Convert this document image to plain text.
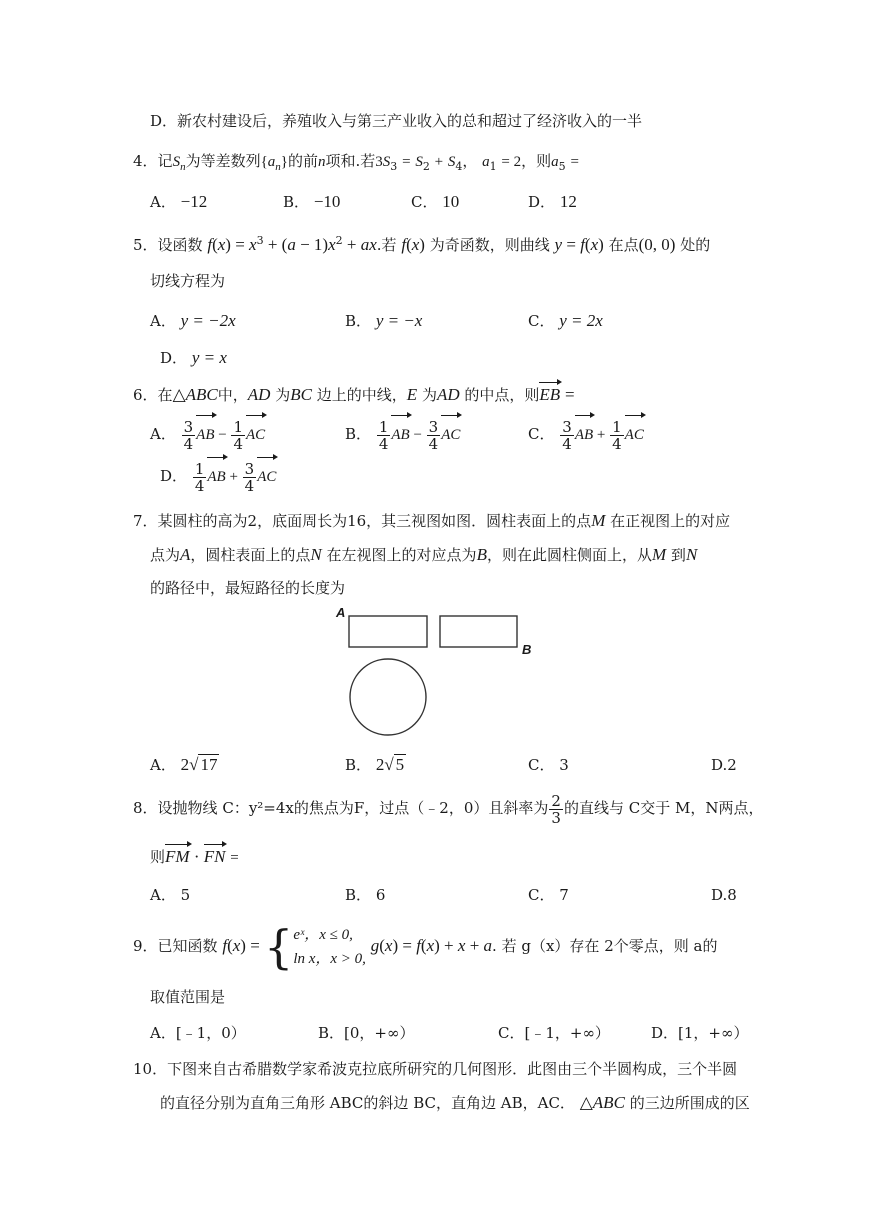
D．新农村建设后，养殖收入与第三产业收入的总和超过了经济收入的一半
4．记$S_n$为等差数列$\{a_n\}$的前n项和.若$3S_3 = S_2 + S_4$， $a_1 = 2$，则$a_5$ =
A． −12	B． −10	C． 10	D． 12
5．设函数 $f(x) = x^3 + (a - 1)x^2$ + ax.若 f(x) 为奇函数，则曲线 y = f(x) 在点(0, 0) 处的
切线方程为
A． y = −2x	B． y = −x	C． y = 2x
D． y = x
6．在△ABC中，AD 为BC 边上的中线，E 为AD 的中点，则EB =
A． $\frac{3}{4}$ AB − $\frac{1}{4}$ AC	B． $\frac{1}{4}$ AB − $\frac{3}{4}$ AC	C． $\frac{3}{4}$ AB + $\frac{1}{4}$ AC
D． $\frac{1}{4}$ AB + $\frac{3}{4}$ AC
7．某圆柱的高为2，底面周长为16，其三视图如图．圆柱表面上的点M 在正视图上的对应
点为A，圆柱表面上的点N 在左视图上的对应点为B，则在此圆柱侧面上，从M 到N
的路径中，最短路径的长度为
A
B
A． 2√ 17	B． 2√ 5	C． 3	D.2
8．设抛物线 C：y²=4x的焦点为F，过点（﹣2，0）且斜率为 $\frac{2}{3}$ 的直线与 C交于 M，N两点，
则FM · FN =
A． 5	B． 6	C． 7	D.8
9．已知函数 f(x) = { eˣ，x ≤ 0,
ln x，x > 0,
g(x) = f(x) + x + a. 若 g（x）存在 2个零点，则 a的
取值范围是
A．[﹣1，0）	B．[0，+∞）	C．[﹣1，+∞）	D．[1，+∞）
10．下图来自古希腊数学家希波克拉底所研究的几何图形．此图由三个半圆构成，三个半圆
的直径分别为直角三角形 ABC的斜边 BC，直角边 AB，AC． △ABC 的三边所围成的区
